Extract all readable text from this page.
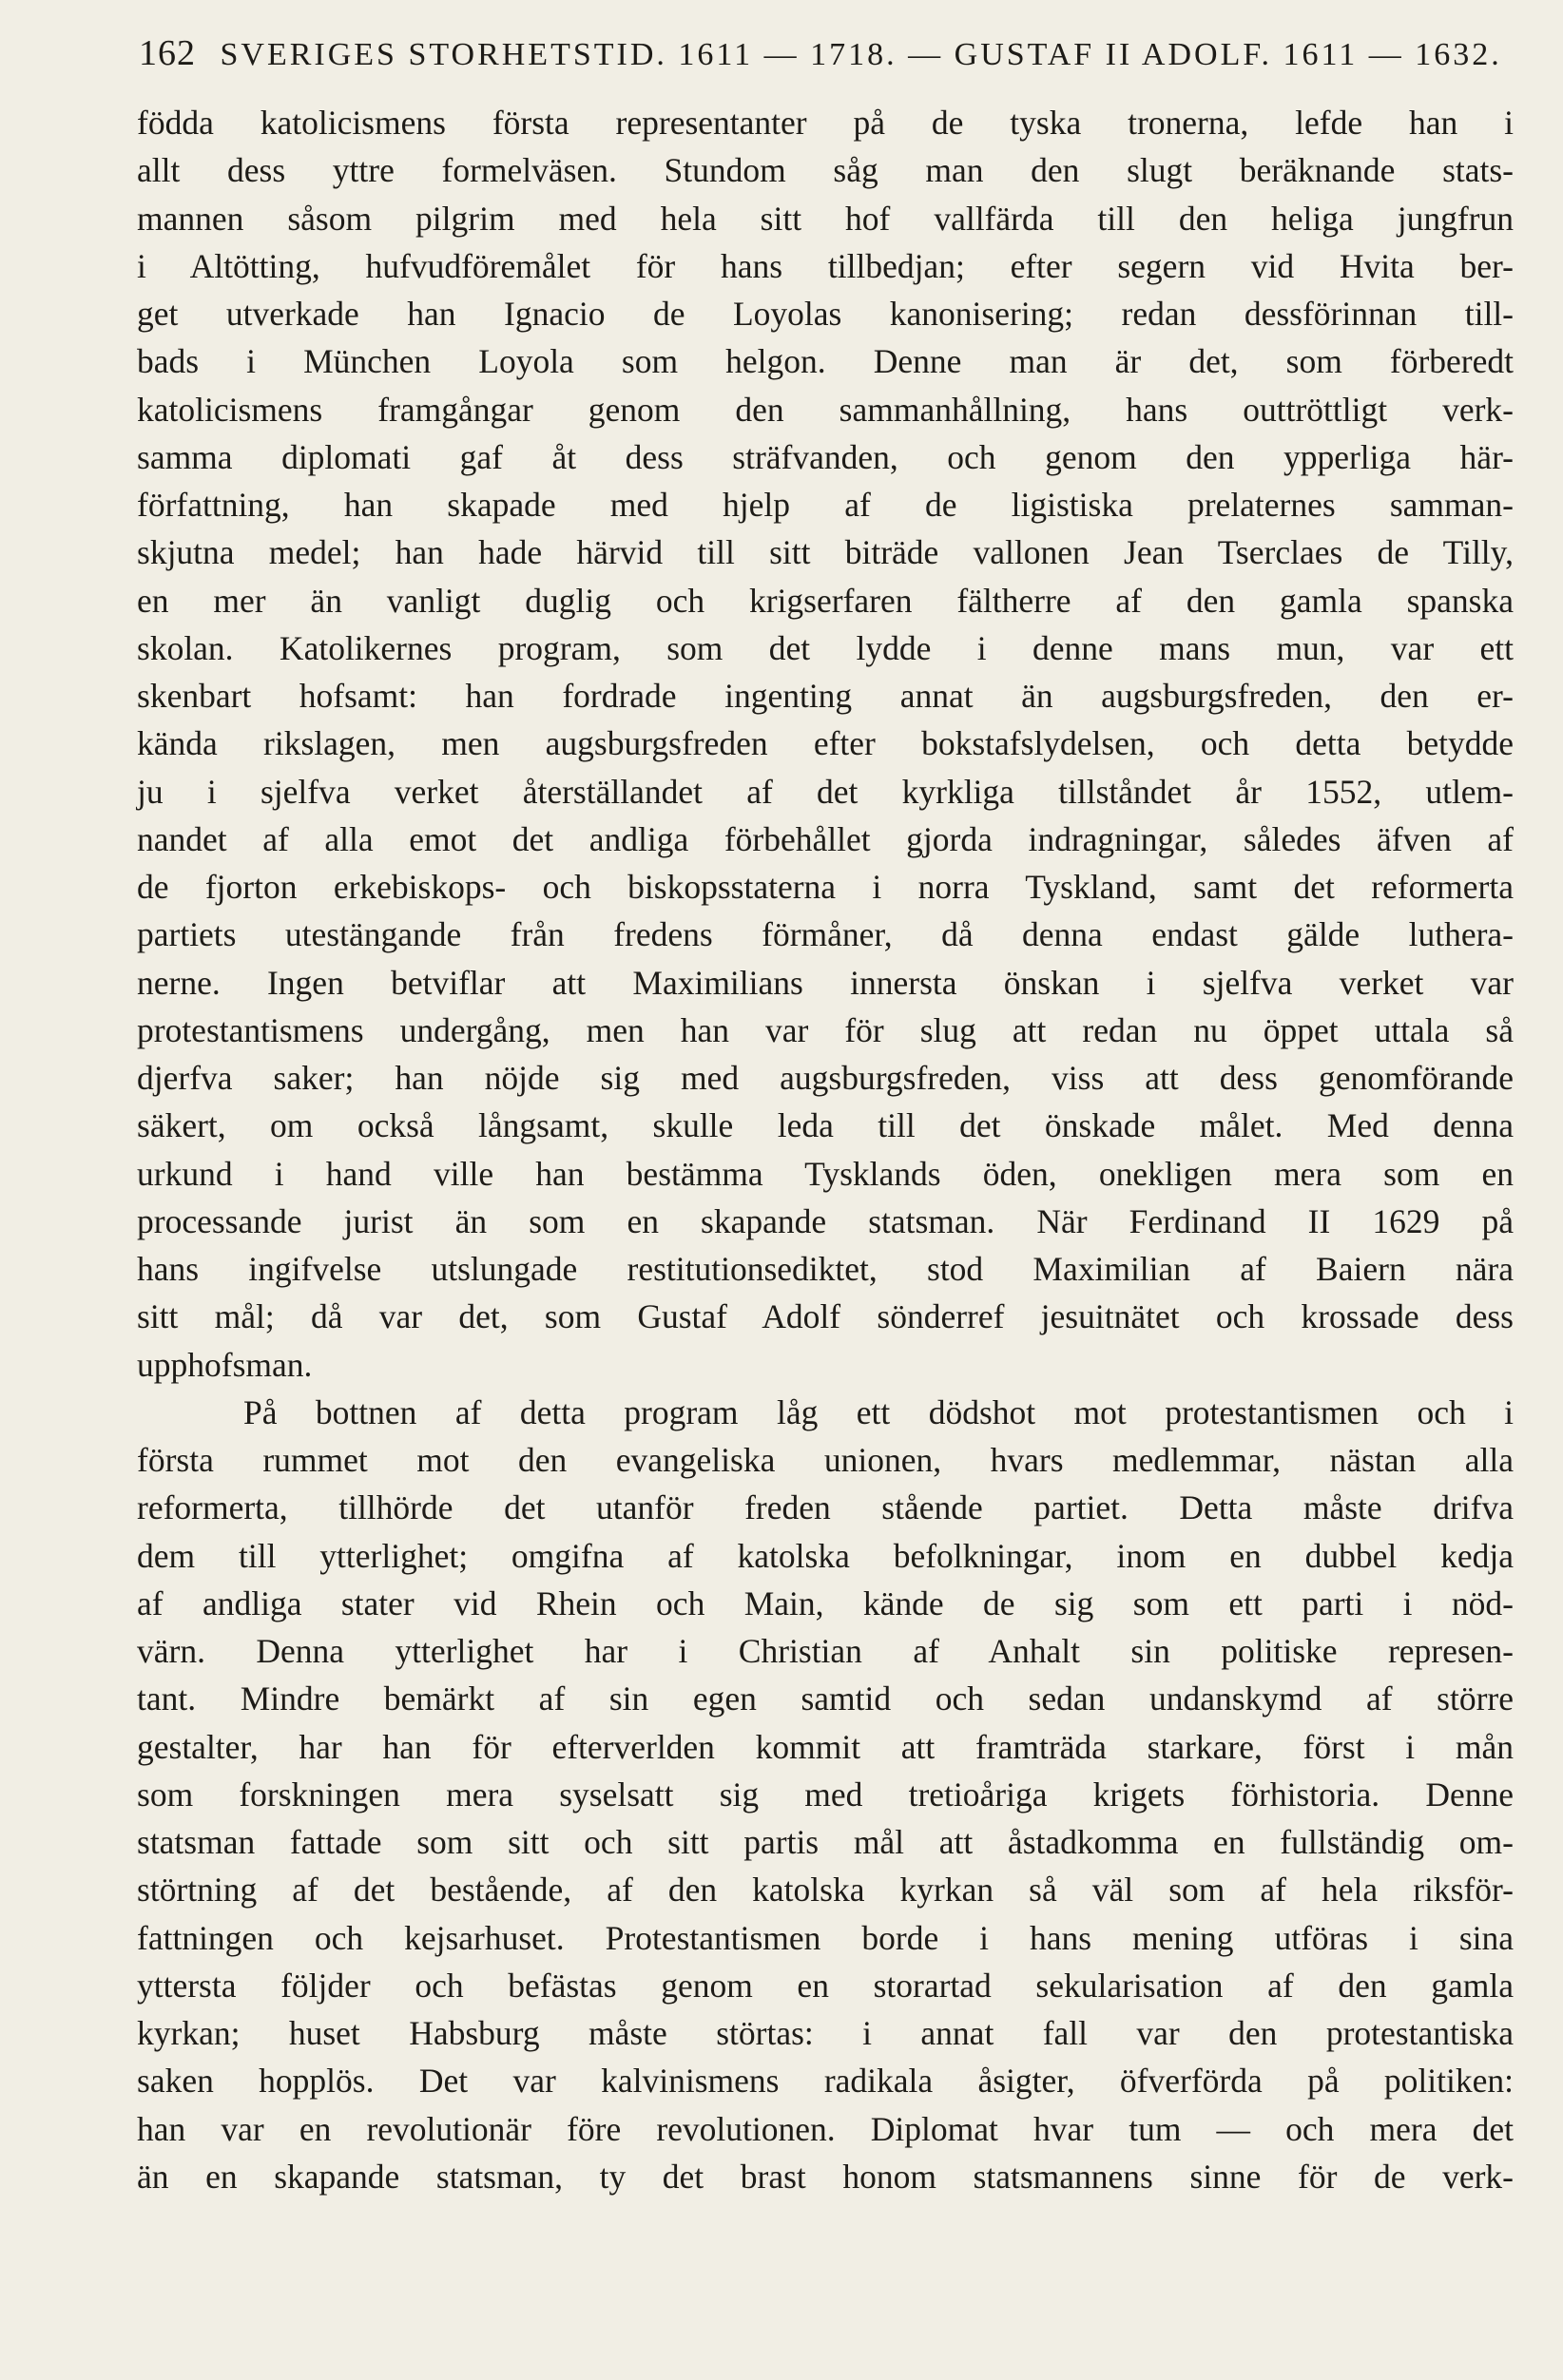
162 SVERIGES STORHETSTID. 1611 — 1718. — GUSTAF II ADOLF. 1611 — 1632.
födda katolicismens första representanter på de tyska tronerna, lefde han i
allt dess yttre formelväsen. Stundom såg man den slugt beräknande stats-
mannen såsom pilgrim med hela sitt hof vallfärda till den heliga jungfrun
i Altötting, hufvudföremålet för hans tillbedjan; efter segern vid Hvita ber-
get utverkade han Ignacio de Loyolas kanonisering; redan dessförinnan till-
bads i München Loyola som helgon. Denne man är det, som förberedt
katolicismens framgångar genom den sammanhållning, hans outtröttligt verk-
samma diplomati gaf åt dess sträfvanden, och genom den ypperliga här-
författning, han skapade med hjelp af de ligistiska prelaternes samman-
skjutna medel; han hade härvid till sitt biträde vallonen Jean Tserclaes de Tilly,
en mer än vanligt duglig och krigserfaren fältherre af den gamla spanska
skolan. Katolikernes program, som det lydde i denne mans mun, var ett
skenbart hofsamt: han fordrade ingenting annat än augsburgsfreden, den er-
kända rikslagen, men augsburgsfreden efter bokstafslydelsen, och detta betydde
ju i sjelfva verket återställandet af det kyrkliga tillståndet år 1552, utlem-
nandet af alla emot det andliga förbehållet gjorda indragningar, således äfven af
de fjorton erkebiskops- och biskopsstaterna i norra Tyskland, samt det reformerta
partiets utestängande från fredens förmåner, då denna endast gälde luthera-
nerne. Ingen betviflar att Maximilians innersta önskan i sjelfva verket var
protestantismens undergång, men han var för slug att redan nu öppet uttala så
djerfva saker; han nöjde sig med augsburgsfreden, viss att dess genomförande
säkert, om också långsamt, skulle leda till det önskade målet. Med denna
urkund i hand ville han bestämma Tysklands öden, onekligen mera som en
processande jurist än som en skapande statsman. När Ferdinand II 1629 på
hans ingifvelse utslungade restitutionsediktet, stod Maximilian af Baiern nära
sitt mål; då var det, som Gustaf Adolf sönderref jesuitnätet och krossade dess
upphofsman.
På bottnen af detta program låg ett dödshot mot protestantismen och i
första rummet mot den evangeliska unionen, hvars medlemmar, nästan alla
reformerta, tillhörde det utanför freden stående partiet. Detta måste drifva
dem till ytterlighet; omgifna af katolska befolkningar, inom en dubbel kedja
af andliga stater vid Rhein och Main, kände de sig som ett parti i nöd-
värn. Denna ytterlighet har i Christian af Anhalt sin politiske represen-
tant. Mindre bemärkt af sin egen samtid och sedan undanskymd af större
gestalter, har han för efterverlden kommit att framträda starkare, först i mån
som forskningen mera syselsatt sig med tretioåriga krigets förhistoria. Denne
statsman fattade som sitt och sitt partis mål att åstadkomma en fullständig om-
störtning af det bestående, af den katolska kyrkan så väl som af hela riksför-
fattningen och kejsarhuset. Protestantismen borde i hans mening utföras i sina
yttersta följder och befästas genom en storartad sekularisation af den gamla
kyrkan; huset Habsburg måste störtas: i annat fall var den protestantiska
saken hopplös. Det var kalvinismens radikala åsigter, öfverförda på politiken:
han var en revolutionär före revolutionen. Diplomat hvar tum — och mera det
än en skapande statsman, ty det brast honom statsmannens sinne för de verk-
